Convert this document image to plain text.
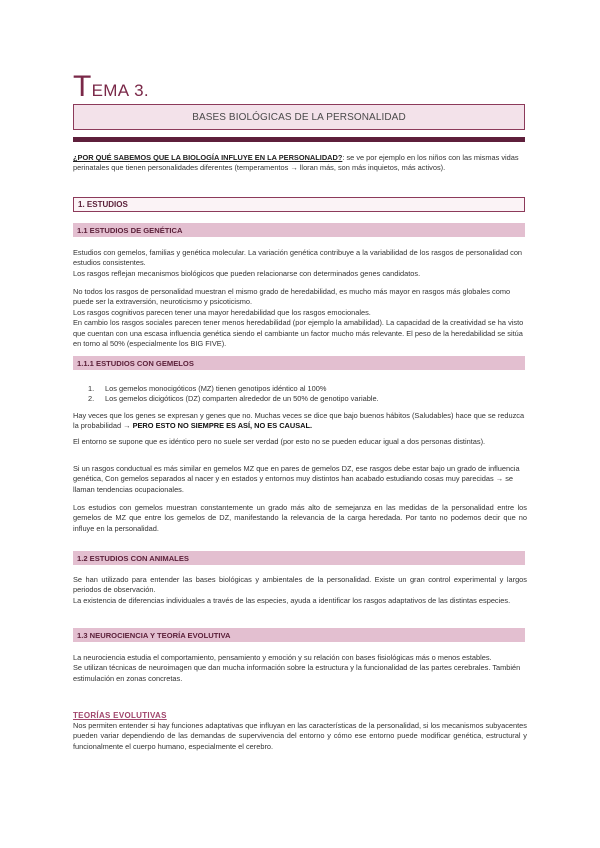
TEMA 3.
BASES BIOLÓGICAS DE LA PERSONALIDAD

¿POR QUÉ SABEMOS QUE LA BIOLOGÍA INFLUYE EN LA PERSONALIDAD?: se ve por ejemplo en los niños con las mismas vidas perinatales que tienen personalidades diferentes (temperamentos → lloran más, son más inquietos, más activos).

1. ESTUDIOS
1.1 ESTUDIOS DE GENÉTICA

Estudios con gemelos, familias y genética molecular. La variación genética contribuye a la variabilidad de los rasgos de personalidad con estudios consistentes.

Los rasgos reflejan mecanismos biológicos que pueden relacionarse con determinados genes candidatos.

No todos los rasgos de personalidad muestran el mismo grado de heredabilidad, es mucho más mayor en rasgos más globales como puede ser la extraversión, neuroticismo y psicoticismo.

Los rasgos cognitivos parecen tener una mayor heredabilidad que los rasgos emocionales.

En cambio los rasgos sociales parecen tener menos heredabilidad (por ejemplo la amabilidad). La capacidad de la creatividad se ha visto que cuentan con una escasa influencia genética siendo el cambiante un factor mucho más relevante. El peso de la heredabilidad se sitúa en torno al 50% (especialmente los BIG FIVE).

1.1.1 ESTUDIOS CON GEMELOS
1.	Los gemelos monocigóticos (MZ) tienen genotipos idéntico al 100%
2.	Los gemelos dicigóticos (DZ) comparten alrededor de un 50% de genotipo variable.

Hay veces que los genes se expresan y genes que no. Muchas veces se dice que bajo buenos hábitos (Saludables) hace que se reduzca la probabilidad → PERO ESTO NO SIEMPRE ES ASÍ, NO ES CAUSAL.

El entorno se supone que es idéntico pero no suele ser verdad (por esto no se pueden educar igual a dos personas distintas).

Si un rasgos conductual es más similar en gemelos MZ que en pares de gemelos DZ, ese rasgos debe estar bajo un grado de influencia genética, Con gemelos separados al nacer y en estados y entornos muy distintos han acabado estudiando cosas muy parecidas → se llaman tendencias ocupacionales.

Los estudios con gemelos muestran constantemente un grado más alto de semejanza en las medidas de la personalidad entre los gemelos de MZ que entre los gemelos de DZ, manifestando la relevancia de la carga heredada. Por tanto no podemos decir que no influye en la personalidad.

1.2 ESTUDIOS CON ANIMALES

Se han utilizado para entender las bases biológicas y ambientales de la personalidad. Existe un gran control experimental y largos periodos de observación.

La existencia de diferencias individuales a través de las especies, ayuda a identificar los rasgos adaptativos de las distintas especies.

1.3 NEUROCIENCIA Y TEORÍA EVOLUTIVA

La neurociencia estudia el comportamiento, pensamiento y emoción y su relación con bases fisiológicas más o menos estables.

Se utilizan técnicas de neuroimagen que dan mucha información sobre la estructura y la funcionalidad de las partes cerebrales. También estimulación en zonas concretas.

TEORÍAS EVOLUTIVAS

Nos permiten entender si hay funciones adaptativas que influyan en las características de la personalidad, si los mecanismos subyacentes pueden variar dependiendo de las demandas de supervivencia del entorno y cómo ese entorno puede modificar genética, estructural y funcionalmente el cuerpo humano, especialmente el cerebro.
